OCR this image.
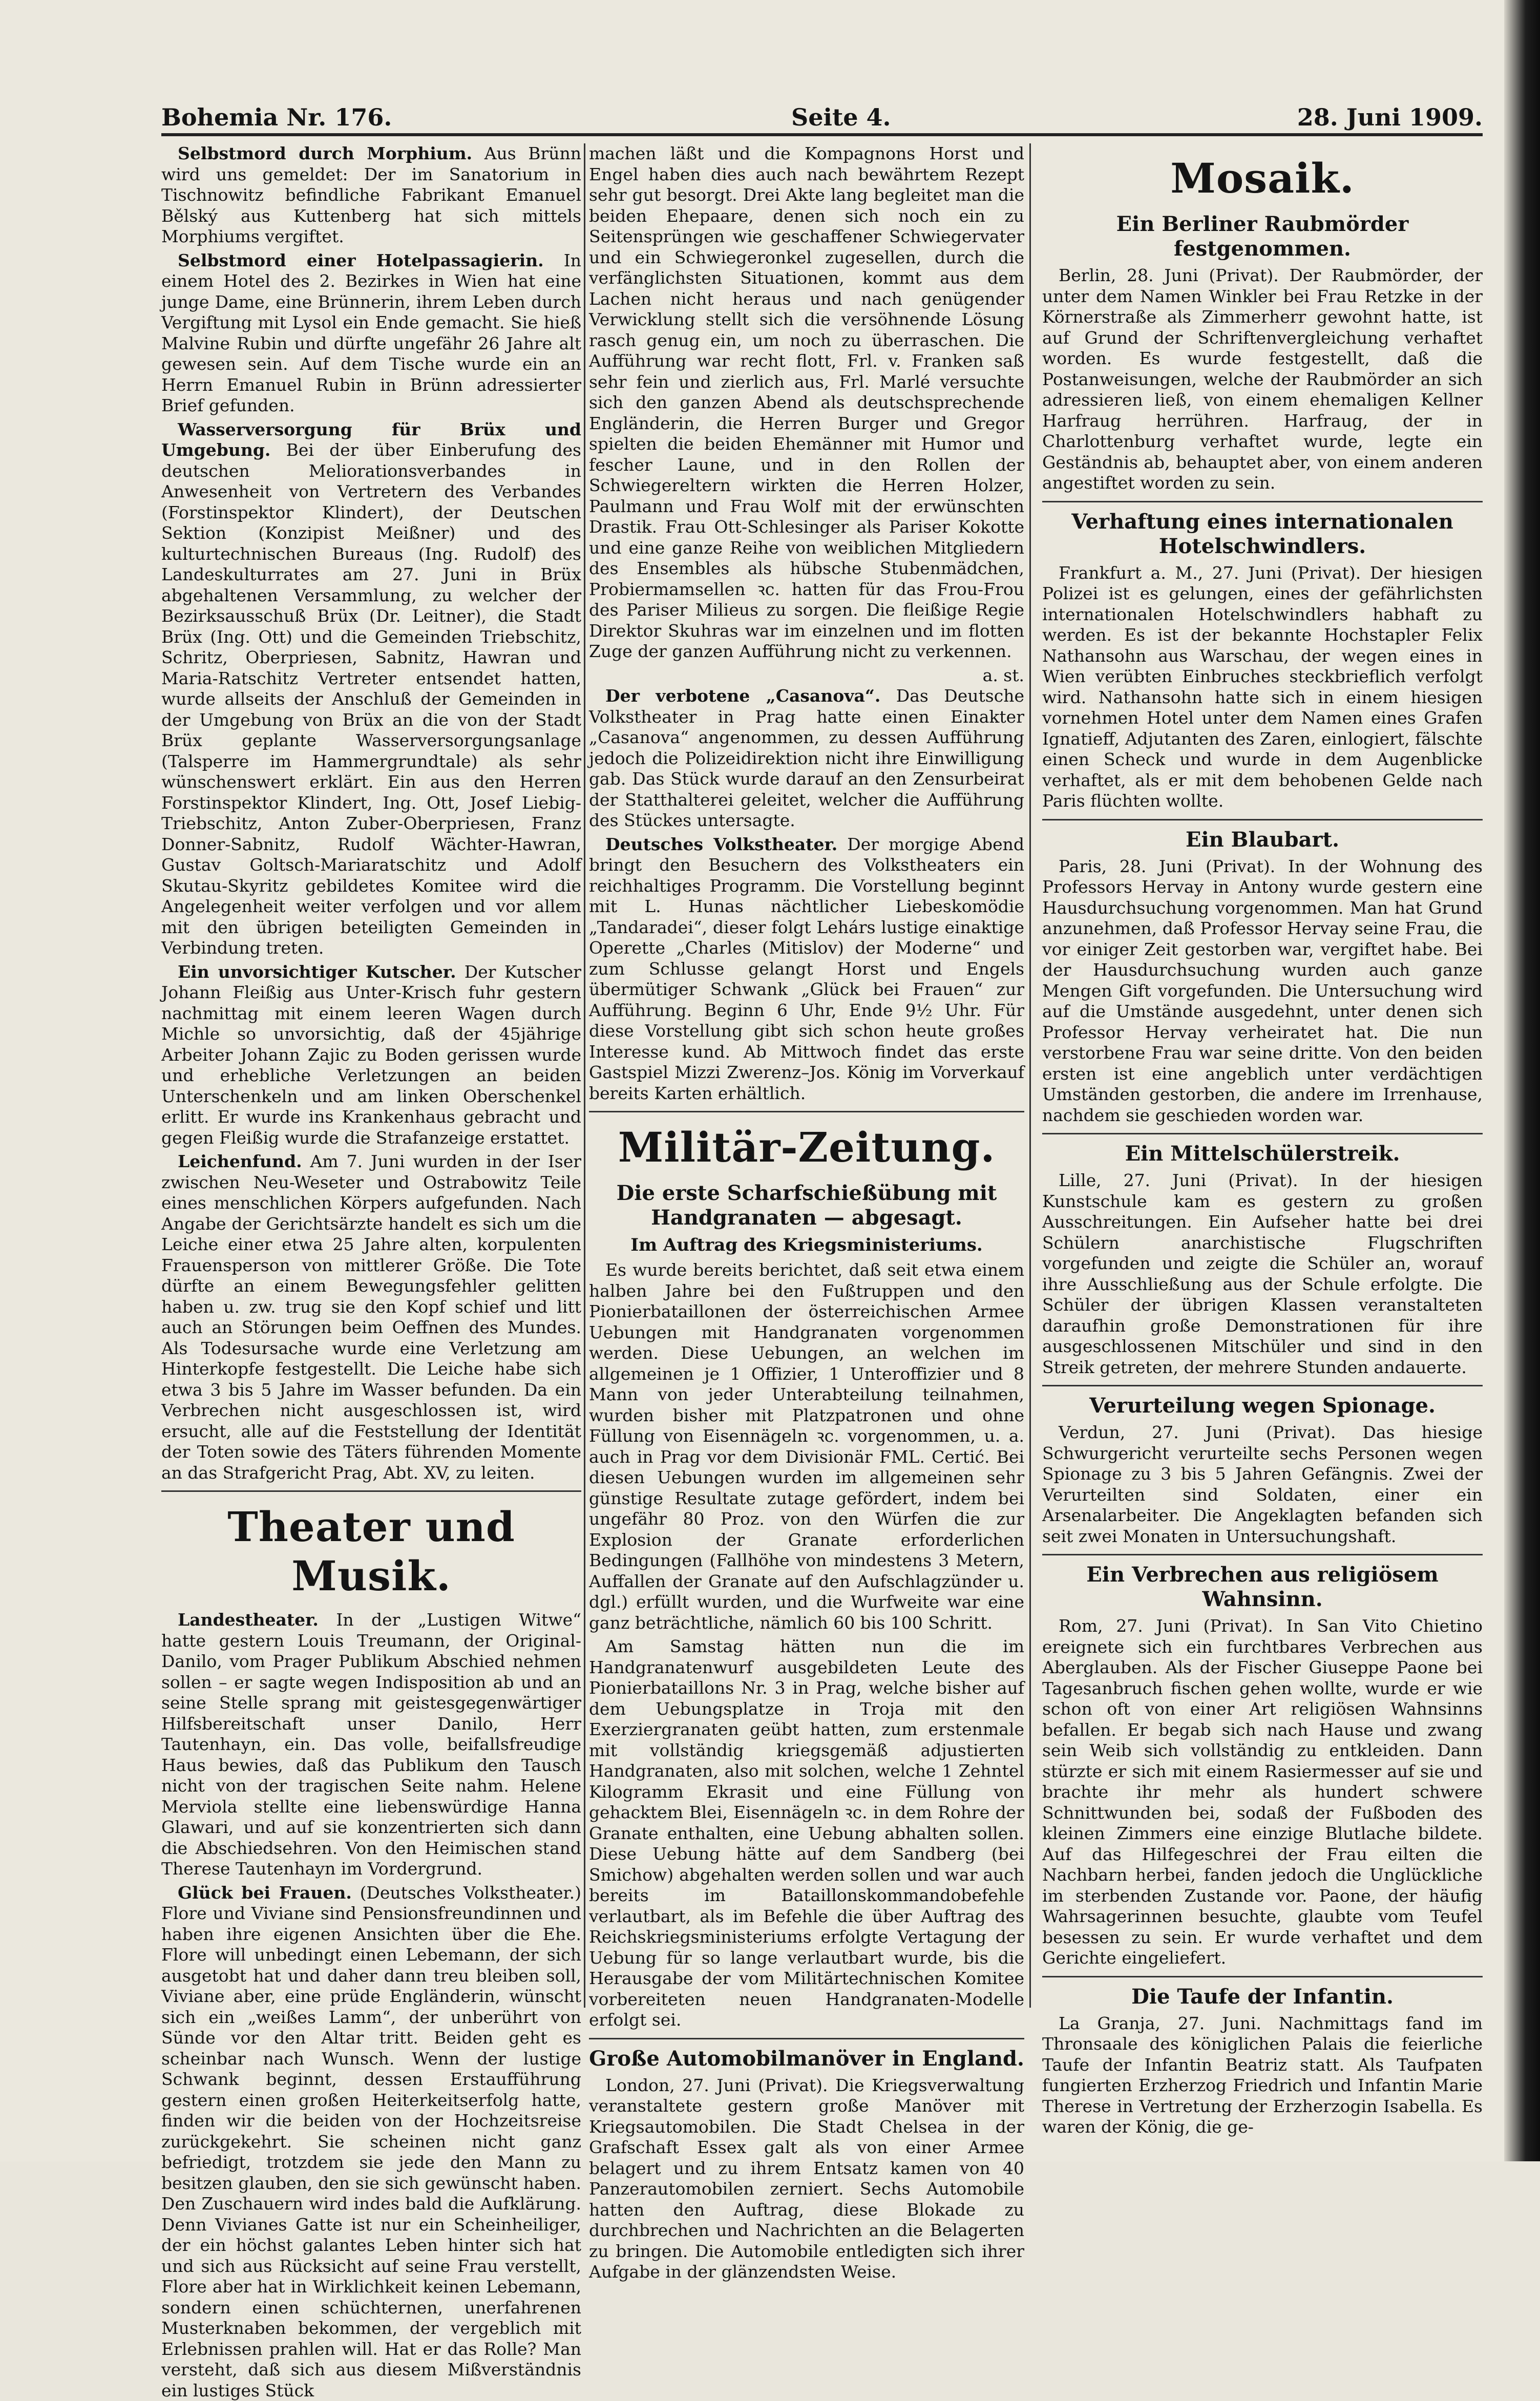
Bohemia Nr. 176.	Seite 4.	28. Juni 1909.

Selbstmord durch Morphium. Aus Brünn wird uns gemeldet: Der im Sanatorium in Tischnowitz befindliche Fabrikant Emanuel Bělský aus Kuttenberg hat sich mittels Morphiums vergiftet.

Selbstmord einer Hotelpassagierin. In einem Hotel des 2. Bezirkes in Wien hat eine junge Dame, eine Brünnerin, ihrem Leben durch Vergiftung mit Lysol ein Ende gemacht. Sie hieß Malvine Rubin und dürfte ungefähr 26 Jahre alt gewesen sein. Auf dem Tische wurde ein an Herrn Emanuel Rubin in Brünn adressierter Brief gefunden.

Wasserversorgung für Brüx und Umgebung. Bei der über Einberufung des deutschen Meliorationsverbandes in Anwesenheit von Vertretern des Verbandes (Forstinspektor Klindert), der Deutschen Sektion (Konzipist Meißner) und des kulturtechnischen Bureaus (Ing. Rudolf) des Landeskulturrates am 27. Juni in Brüx abgehaltenen Versammlung, zu welcher der Bezirksausschuß Brüx (Dr. Leitner), die Stadt Brüx (Ing. Ott) und die Gemeinden Triebschitz, Schritz, Oberpriesen, Sabnitz, Hawran und Maria-Ratschitz Vertreter entsendet hatten, wurde allseits der Anschluß der Gemeinden in der Umgebung von Brüx an die von der Stadt Brüx geplante Wasserversorgungsanlage (Talsperre im Hammergrundtale) als sehr wünschenswert erklärt. Ein aus den Herren Forstinspektor Klindert, Ing. Ott, Josef Liebig-Triebschitz, Anton Zuber-Oberpriesen, Franz Donner-Sabnitz, Rudolf Wächter-Hawran, Gustav Goltsch-Mariaratschitz und Adolf Skutau-Skyritz gebildetes Komitee wird die Angelegenheit weiter verfolgen und vor allem mit den übrigen beteiligten Gemeinden in Verbindung treten.

Ein unvorsichtiger Kutscher. Der Kutscher Johann Fleißig aus Unter-Krisch fuhr gestern nachmittag mit einem leeren Wagen durch Michle so unvorsichtig, daß der 45jährige Arbeiter Johann Zajic zu Boden gerissen wurde und erhebliche Verletzungen an beiden Unterschenkeln und am linken Oberschenkel erlitt. Er wurde ins Krankenhaus gebracht und gegen Fleißig wurde die Strafanzeige erstattet.

Leichenfund. Am 7. Juni wurden in der Iser zwischen Neu-Weseter und Ostrabowitz Teile eines menschlichen Körpers aufgefunden. Nach Angabe der Gerichtsärzte handelt es sich um die Leiche einer etwa 25 Jahre alten, korpulenten Frauensperson von mittlerer Größe. Die Tote dürfte an einem Bewegungsfehler gelitten haben u. zw. trug sie den Kopf schief und litt auch an Störungen beim Oeffnen des Mundes. Als Todesursache wurde eine Verletzung am Hinterkopfe festgestellt. Die Leiche habe sich etwa 3 bis 5 Jahre im Wasser befunden. Da ein Verbrechen nicht ausgeschlossen ist, wird ersucht, alle auf die Feststellung der Identität der Toten sowie des Täters führenden Momente an das Strafgericht Prag, Abt. XV, zu leiten.

Theater und Musik.

Landestheater. In der „Lustigen Witwe“ hatte gestern Louis Treumann, der Original-Danilo, vom Prager Publikum Abschied nehmen sollen – er sagte wegen Indisposition ab und an seine Stelle sprang mit geistesgegenwärtiger Hilfsbereitschaft unser Danilo, Herr Tautenhayn, ein. Das volle, beifallsfreudige Haus bewies, daß das Publikum den Tausch nicht von der tragischen Seite nahm. Helene Merviola stellte eine liebenswürdige Hanna Glawari, und auf sie konzentrierten sich dann die Abschiedsehren. Von den Heimischen stand Therese Tautenhayn im Vordergrund.

Glück bei Frauen. (Deutsches Volkstheater.) Flore und Viviane sind Pensionsfreundinnen und haben ihre eigenen Ansichten über die Ehe. Flore will unbedingt einen Lebemann, der sich ausgetobt hat und daher dann treu bleiben soll, Viviane aber, eine prüde Engländerin, wünscht sich ein „weißes Lamm“, der unberührt von Sünde vor den Altar tritt. Beiden geht es scheinbar nach Wunsch. Wenn der lustige Schwank beginnt, dessen Erstaufführung gestern einen großen Heiterkeitserfolg hatte, finden wir die beiden von der Hochzeitsreise zurückgekehrt. Sie scheinen nicht ganz befriedigt, trotzdem sie jede den Mann zu besitzen glauben, den sie sich gewünscht haben. Den Zuschauern wird indes bald die Aufklärung. Denn Vivianes Gatte ist nur ein Scheinheiliger, der ein höchst galantes Leben hinter sich hat und sich aus Rücksicht auf seine Frau verstellt, Flore aber hat in Wirklichkeit keinen Lebemann, sondern einen schüchternen, unerfahrenen Musterknaben bekommen, der vergeblich mit Erlebnissen prahlen will. Hat er das Rolle? Man versteht, daß sich aus diesem Mißverständnis ein lustiges Stück

machen läßt und die Kompagnons Horst und Engel haben dies auch nach bewährtem Rezept sehr gut besorgt. Drei Akte lang begleitet man die beiden Ehepaare, denen sich noch ein zu Seitensprüngen wie geschaffener Schwiegervater und ein Schwiegeronkel zugesellen, durch die verfänglichsten Situationen, kommt aus dem Lachen nicht heraus und nach genügender Verwicklung stellt sich die versöhnende Lösung rasch genug ein, um noch zu überraschen. Die Aufführung war recht flott, Frl. v. Franken saß sehr fein und zierlich aus, Frl. Marlé versuchte sich den ganzen Abend als deutschsprechende Engländerin, die Herren Burger und Gregor spielten die beiden Ehemänner mit Humor und fescher Laune, und in den Rollen der Schwiegereltern wirkten die Herren Holzer, Paulmann und Frau Wolf mit der erwünschten Drastik. Frau Ott-Schlesinger als Pariser Kokotte und eine ganze Reihe von weiblichen Mitgliedern des Ensembles als hübsche Stubenmädchen, Probiermamsellen ꝛc. hatten für das Frou-Frou des Pariser Milieus zu sorgen. Die fleißige Regie Direktor Skuhras war im einzelnen und im flotten Zuge der ganzen Aufführung nicht zu verkennen.

a. st.

Der verbotene „Casanova“. Das Deutsche Volkstheater in Prag hatte einen Einakter „Casanova“ angenommen, zu dessen Aufführung jedoch die Polizeidirektion nicht ihre Einwilligung gab. Das Stück wurde darauf an den Zensurbeirat der Statthalterei geleitet, welcher die Aufführung des Stückes untersagte.

Deutsches Volkstheater. Der morgige Abend bringt den Besuchern des Volkstheaters ein reichhaltiges Programm. Die Vorstellung beginnt mit L. Hunas nächtlicher Liebeskomödie „Tandaradei“, dieser folgt Lehárs lustige einaktige Operette „Charles (Mitislov) der Moderne“ und zum Schlusse gelangt Horst und Engels übermütiger Schwank „Glück bei Frauen“ zur Aufführung. Beginn 6 Uhr, Ende 9½ Uhr. Für diese Vorstellung gibt sich schon heute großes Interesse kund. Ab Mittwoch findet das erste Gastspiel Mizzi Zwerenz–Jos. König im Vorverkauf bereits Karten erhältlich.

Militär-Zeitung.
Die erste Scharfschießübung mit Handgranaten — abgesagt.
Im Auftrag des Kriegsministeriums.

Es wurde bereits berichtet, daß seit etwa einem halben Jahre bei den Fußtruppen und den Pionierbataillonen der österreichischen Armee Uebungen mit Handgranaten vorgenommen werden. Diese Uebungen, an welchen im allgemeinen je 1 Offizier, 1 Unteroffizier und 8 Mann von jeder Unterabteilung teilnahmen, wurden bisher mit Platzpatronen und ohne Füllung von Eisennägeln ꝛc. vorgenommen, u. a. auch in Prag vor dem Divisionär FML. Certić. Bei diesen Uebungen wurden im allgemeinen sehr günstige Resultate zutage gefördert, indem bei ungefähr 80 Proz. von den Würfen die zur Explosion der Granate erforderlichen Bedingungen (Fallhöhe von mindestens 3 Metern, Auffallen der Granate auf den Aufschlagzünder u. dgl.) erfüllt wurden, und die Wurfweite war eine ganz beträchtliche, nämlich 60 bis 100 Schritt.

Am Samstag hätten nun die im Handgranatenwurf ausgebildeten Leute des Pionierbataillons Nr. 3 in Prag, welche bisher auf dem Uebungsplatze in Troja mit den Exerziergranaten geübt hatten, zum erstenmale mit vollständig kriegsgemäß adjustierten Handgranaten, also mit solchen, welche 1 Zehntel Kilogramm Ekrasit und eine Füllung von gehacktem Blei, Eisennägeln ꝛc. in dem Rohre der Granate enthalten, eine Uebung abhalten sollen. Diese Uebung hätte auf dem Sandberg (bei Smichow) abgehalten werden sollen und war auch bereits im Bataillonskommandobefehle verlautbart, als im Befehle die über Auftrag des Reichskriegsministeriums erfolgte Vertagung der Uebung für so lange verlautbart wurde, bis die Herausgabe der vom Militärtechnischen Komitee vorbereiteten neuen Handgranaten-Modelle erfolgt sei.

Große Automobilmanöver in England.

London, 27. Juni (Privat). Die Kriegsverwaltung veranstaltete gestern große Manöver mit Kriegsautomobilen. Die Stadt Chelsea in der Grafschaft Essex galt als von einer Armee belagert und zu ihrem Entsatz kamen von 40 Panzerautomobilen zerniert. Sechs Automobile hatten den Auftrag, diese Blokade zu durchbrechen und Nachrichten an die Belagerten zu bringen. Die Automobile entledigten sich ihrer Aufgabe in der glänzendsten Weise.

Mosaik.
Ein Berliner Raubmörder festgenommen.

Berlin, 28. Juni (Privat). Der Raubmörder, der unter dem Namen Winkler bei Frau Retzke in der Körnerstraße als Zimmerherr gewohnt hatte, ist auf Grund der Schriftenvergleichung verhaftet worden. Es wurde festgestellt, daß die Postanweisungen, welche der Raubmörder an sich adressieren ließ, von einem ehemaligen Kellner Harfraug herrühren. Harfraug, der in Charlottenburg verhaftet wurde, legte ein Geständnis ab, behauptet aber, von einem anderen angestiftet worden zu sein.

Verhaftung eines internationalen Hotelschwindlers.

Frankfurt a. M., 27. Juni (Privat). Der hiesigen Polizei ist es gelungen, eines der gefährlichsten internationalen Hotelschwindlers habhaft zu werden. Es ist der bekannte Hochstapler Felix Nathansohn aus Warschau, der wegen eines in Wien verübten Einbruches steckbrieflich verfolgt wird. Nathansohn hatte sich in einem hiesigen vornehmen Hotel unter dem Namen eines Grafen Ignatieff, Adjutanten des Zaren, einlogiert, fälschte einen Scheck und wurde in dem Augenblicke verhaftet, als er mit dem behobenen Gelde nach Paris flüchten wollte.

Ein Blaubart.

Paris, 28. Juni (Privat). In der Wohnung des Professors Hervay in Antony wurde gestern eine Hausdurchsuchung vorgenommen. Man hat Grund anzunehmen, daß Professor Hervay seine Frau, die vor einiger Zeit gestorben war, vergiftet habe. Bei der Hausdurchsuchung wurden auch ganze Mengen Gift vorgefunden. Die Untersuchung wird auf die Umstände ausgedehnt, unter denen sich Professor Hervay verheiratet hat. Die nun verstorbene Frau war seine dritte. Von den beiden ersten ist eine angeblich unter verdächtigen Umständen gestorben, die andere im Irrenhause, nachdem sie geschieden worden war.

Ein Mittelschülerstreik.

Lille, 27. Juni (Privat). In der hiesigen Kunstschule kam es gestern zu großen Ausschreitungen. Ein Aufseher hatte bei drei Schülern anarchistische Flugschriften vorgefunden und zeigte die Schüler an, worauf ihre Ausschließung aus der Schule erfolgte. Die Schüler der übrigen Klassen veranstalteten daraufhin große Demonstrationen für ihre ausgeschlossenen Mitschüler und sind in den Streik getreten, der mehrere Stunden andauerte.

Verurteilung wegen Spionage.

Verdun, 27. Juni (Privat). Das hiesige Schwurgericht verurteilte sechs Personen wegen Spionage zu 3 bis 5 Jahren Gefängnis. Zwei der Verurteilten sind Soldaten, einer ein Arsenalarbeiter. Die Angeklagten befanden sich seit zwei Monaten in Untersuchungshaft.

Ein Verbrechen aus religiösem Wahnsinn.

Rom, 27. Juni (Privat). In San Vito Chietino ereignete sich ein furchtbares Verbrechen aus Aberglauben. Als der Fischer Giuseppe Paone bei Tagesanbruch fischen gehen wollte, wurde er wie schon oft von einer Art religiösen Wahnsinns befallen. Er begab sich nach Hause und zwang sein Weib sich vollständig zu entkleiden. Dann stürzte er sich mit einem Rasiermesser auf sie und brachte ihr mehr als hundert schwere Schnittwunden bei, sodaß der Fußboden des kleinen Zimmers eine einzige Blutlache bildete. Auf das Hilfegeschrei der Frau eilten die Nachbarn herbei, fanden jedoch die Unglückliche im sterbenden Zustande vor. Paone, der häufig Wahrsagerinnen besuchte, glaubte vom Teufel besessen zu sein. Er wurde verhaftet und dem Gerichte eingeliefert.

Die Taufe der Infantin.

La Granja, 27. Juni. Nachmittags fand im Thronsaale des königlichen Palais die feierliche Taufe der Infantin Beatriz statt. Als Taufpaten fungierten Erzherzog Friedrich und Infantin Marie Therese in Vertretung der Erzherzogin Isabella. Es waren der König, die ge-
